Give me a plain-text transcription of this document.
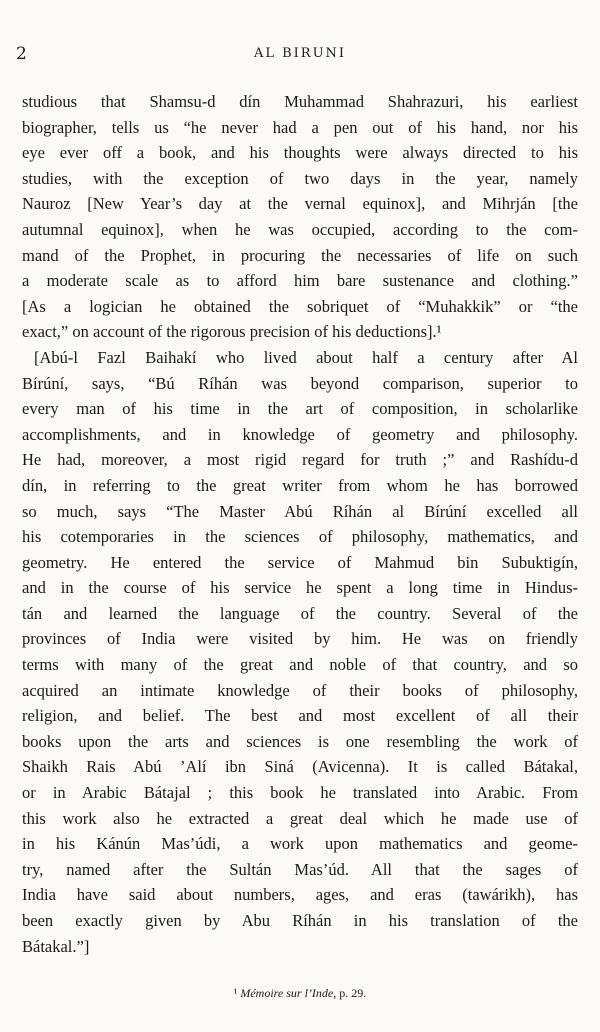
2	AL BIRUNI
studious that Shamsu-d dín Muhammad Shahrazuri, his earliest
biographer, tells us “he never had a pen out of his hand, nor his
eye ever off a book, and his thoughts were always directed to his
studies, with the exception of two days in the year, namely
Nauroz [New Year’s day at the vernal equinox], and Mihrján [the
autumnal equinox], when he was occupied, according to the com-
mand of the Prophet, in procuring the necessaries of life on such
a moderate scale as to afford him bare sustenance and clothing.”
[As a logician he obtained the sobriquet of “Muhakkik” or “the
exact,” on account of the rigorous precision of his deductions].¹
[Abú-l Fazl Baihakí who lived about half a century after Al
Bírúní, says, “Bú Ríhán was beyond comparison, superior to
every man of his time in the art of composition, in scholarlike
accomplishments, and in knowledge of geometry and philosophy.
He had, moreover, a most rigid regard for truth ;” and Rashídu-d
dín, in referring to the great writer from whom he has borrowed
so much, says “The Master Abú Ríhán al Bírúní excelled all
his cotemporaries in the sciences of philosophy, mathematics, and
geometry. He entered the service of Mahmud bin Subuktigín,
and in the course of his service he spent a long time in Hindus-
tán and learned the language of the country. Several of the
provinces of India were visited by him. He was on friendly
terms with many of the great and noble of that country, and so
acquired an intimate knowledge of their books of philosophy,
religion, and belief. The best and most excellent of all their
books upon the arts and sciences is one resembling the work of
Shaikh Rais Abú ’Alí ibn Siná (Avicenna). It is called Bátakal,
or in Arabic Bátajal ; this book he translated into Arabic. From
this work also he extracted a great deal which he made use of
in his Kánún Mas’údi, a work upon mathematics and geome-
try, named after the Sultán Mas’úd. All that the sages of
India have said about numbers, ages, and eras (tawárikh), has
been exactly given by Abu Ríhán in his translation of the
Bátakal.”]
¹ Mémoire sur l’Inde, p. 29.
